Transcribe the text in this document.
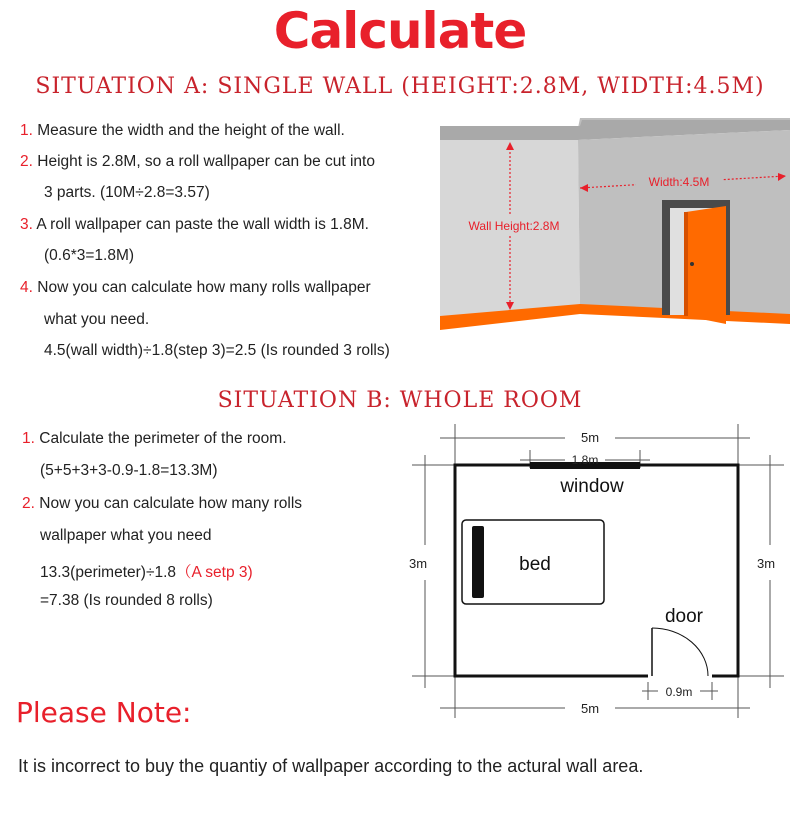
Calculate
SITUATION A: SINGLE WALL (HEIGHT:2.8M, WIDTH:4.5M)
1. Measure the width and the height of the wall.
2. Height is 2.8M, so a roll wallpaper can be cut into
3 parts. (10M÷2.8=3.57)
3. A roll wallpaper can paste the wall width is 1.8M.
(0.6*3=1.8M)
4. Now you can calculate how many rolls wallpaper
what you need.
4.5(wall width)÷1.8(step 3)=2.5 (Is rounded 3 rolls)
Width:4.5M
Wall Height:2.8M
SITUATION B: WHOLE ROOM
1. Calculate the perimeter of the room.
(5+5+3+3-0.9-1.8=13.3M)
2. Now you can calculate how many rolls
wallpaper what you need
13.3(perimeter)÷1.8（A setp 3)
=7.38 (Is rounded 8 rolls)
5m
1.8m
window
3m	3m
bed
door
0.9m
5m
Please Note:
It is incorrect to buy the quantiy of wallpaper according to the actural wall area.
